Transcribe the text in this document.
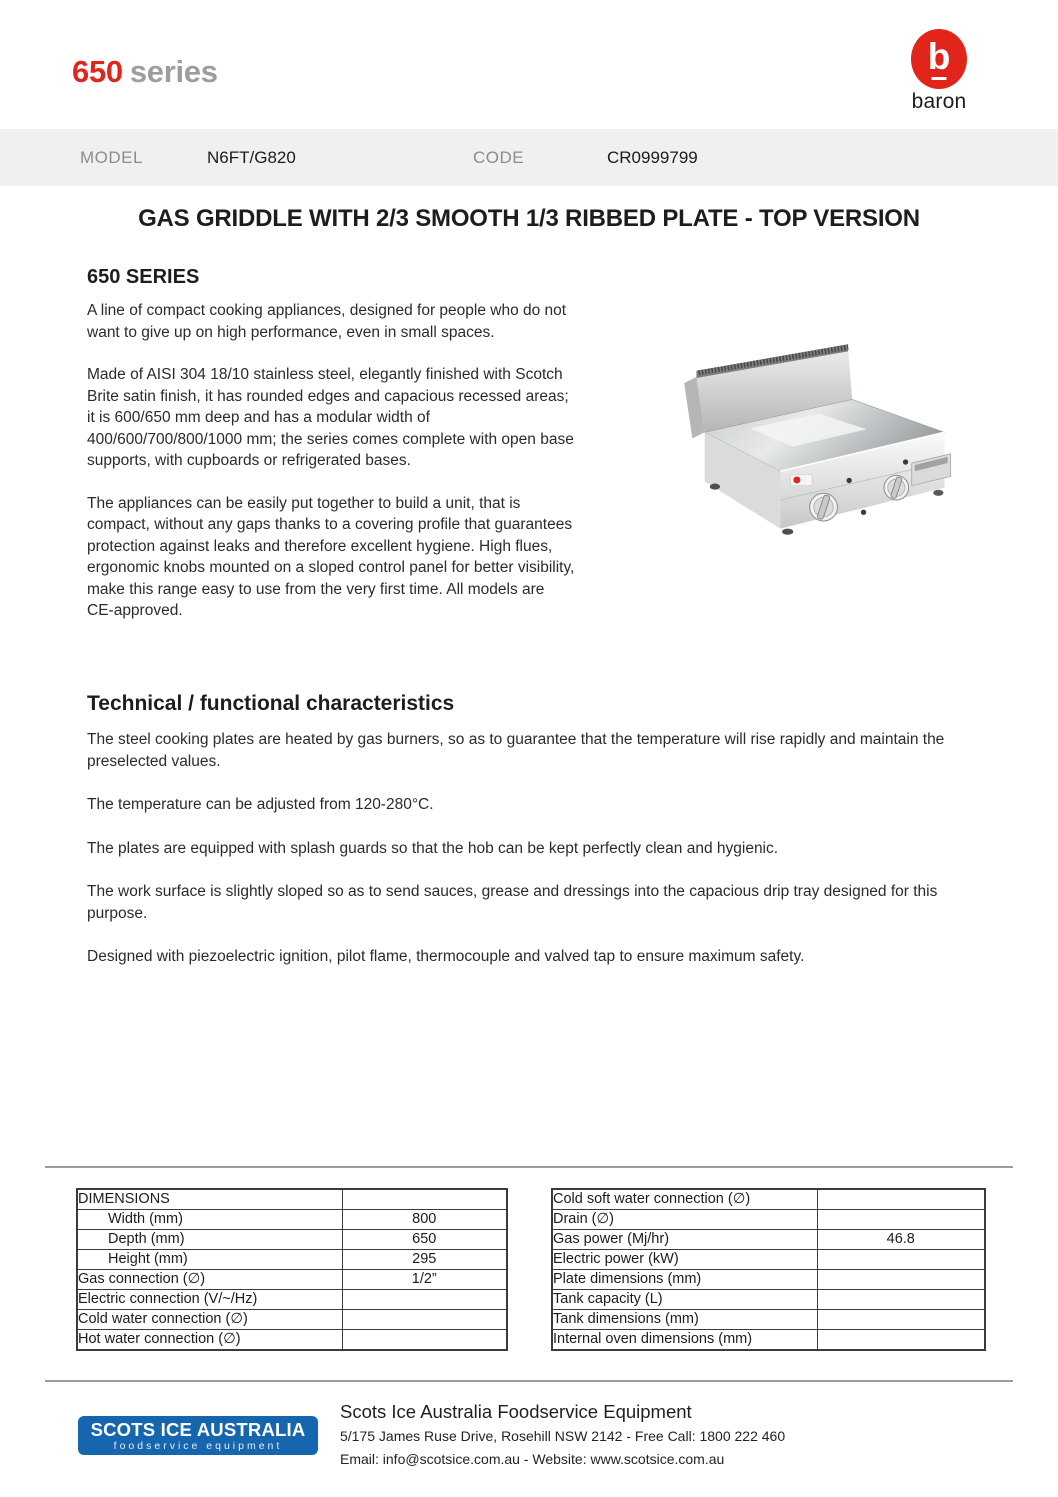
650 series	b
baron
MODEL	N6FT/G820	CODE	CR0999799
GAS GRIDDLE WITH 2/3 SMOOTH 1/3 RIBBED PLATE - TOP VERSION
650 SERIES

A line of compact cooking appliances, designed for people who do not want to give up on high performance, even in small spaces.

Made of AISI 304 18/10 stainless steel, elegantly finished with Scotch Brite satin finish, it has rounded edges and capacious recessed areas; it is 600/650 mm deep and has a modular width of 400/600/700/800/1000 mm; the series comes complete with open base supports, with cupboards or refrigerated bases.

The appliances can be easily put together to build a unit, that is compact, without any gaps thanks to a covering profile that guarantees protection against leaks and therefore excellent hygiene. High flues, ergonomic knobs mounted on a sloped control panel for better visibility, make this range easy to use from the very first time. All models are CE-approved.

Technical / functional characteristics

The steel cooking plates are heated by gas burners, so as to guarantee that the temperature will rise rapidly and maintain the preselected values.

The temperature can be adjusted from 120-280°C.

The plates are equipped with splash guards so that the hob can be kept perfectly clean and hygienic.

The work surface is slightly sloped so as to send sauces, grease and dressings into the capacious drip tray designed for this purpose.

Designed with piezoelectric ignition, pilot flame, thermocouple and valved tap to ensure maximum safety.

DIMENSIONS	
Width (mm)	800
Depth (mm)	650
Height (mm)	295
Gas connection (∅)	1/2”
Electric connection (V/~/Hz)	
Cold water connection (∅)	
Hot water connection (∅)	
Cold soft water connection (∅)	
Drain (∅)	
Gas power (Mj/hr)	46.8
Electric power (kW)	
Plate dimensions (mm)	
Tank capacity (L)	
Tank dimensions (mm)	
Internal oven dimensions (mm)	
SCOTS ICE AUSTRALIA
foodservice equipment
Scots Ice Australia Foodservice Equipment
5/175 James Ruse Drive, Rosehill NSW 2142 - Free Call: 1800 222 460
Email: info@scotsice.com.au - Website: www.scotsice.com.au
